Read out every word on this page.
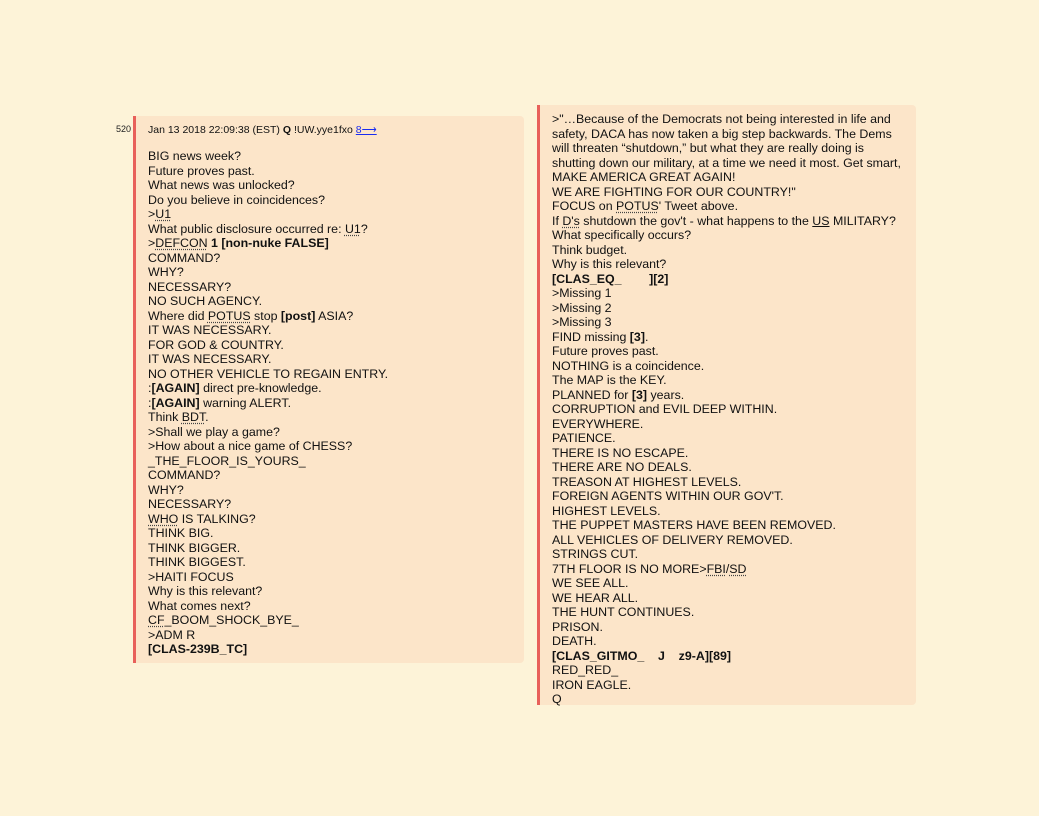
520 Jan 13 2018 22:09:38 (EST) Q !UW.yye1fxo 8⟶
BIG news week?
Future proves past.
What news was unlocked?
Do you believe in coincidences?
>U1
What public disclosure occurred re: U1?
>DEFCON 1 [non-nuke FALSE]
COMMAND?
WHY?
NECESSARY?
NO SUCH AGENCY.
Where did POTUS stop [post] ASIA?
IT WAS NECESSARY.
FOR GOD & COUNTRY.
IT WAS NECESSARY.
NO OTHER VEHICLE TO REGAIN ENTRY.
:[AGAIN] direct pre-knowledge.
:[AGAIN] warning ALERT.
Think BDT.
>Shall we play a game?
>How about a nice game of CHESS?
_THE_FLOOR_IS_YOURS_
COMMAND?
WHY?
NECESSARY?
WHO IS TALKING?
THINK BIG.
THINK BIGGER.
THINK BIGGEST.
>HAITI FOCUS
Why is this relevant?
What comes next?
CF_BOOM_SHOCK_BYE_
>ADM R
[CLAS-239B_TC]
>"…Because of the Democrats not being interested in life and
safety, DACA has now taken a big step backwards. The Dems
will threaten “shutdown,” but what they are really doing is
shutting down our military, at a time we need it most. Get smart,
MAKE AMERICA GREAT AGAIN!
WE ARE FIGHTING FOR OUR COUNTRY!"
FOCUS on POTUS' Tweet above.
If D's shutdown the gov't - what happens to the US MILITARY?
What specifically occurs?
Think budget.
Why is this relevant?
[CLAS_EQ_        ][2]
>Missing 1
>Missing 2
>Missing 3
FIND missing [3].
Future proves past.
NOTHING is a coincidence.
The MAP is the KEY.
PLANNED for [3] years.
CORRUPTION and EVIL DEEP WITHIN.
EVERYWHERE.
PATIENCE.
THERE IS NO ESCAPE.
THERE ARE NO DEALS.
TREASON AT HIGHEST LEVELS.
FOREIGN AGENTS WITHIN OUR GOV'T.
HIGHEST LEVELS.
THE PUPPET MASTERS HAVE BEEN REMOVED.
ALL VEHICLES OF DELIVERY REMOVED.
STRINGS CUT.
7TH FLOOR IS NO MORE>FBI/SD
WE SEE ALL.
WE HEAR ALL.
THE HUNT CONTINUES.
PRISON.
DEATH.
[CLAS_GITMO_    J    z9-A][89]
RED_RED_
IRON EAGLE.
Q
